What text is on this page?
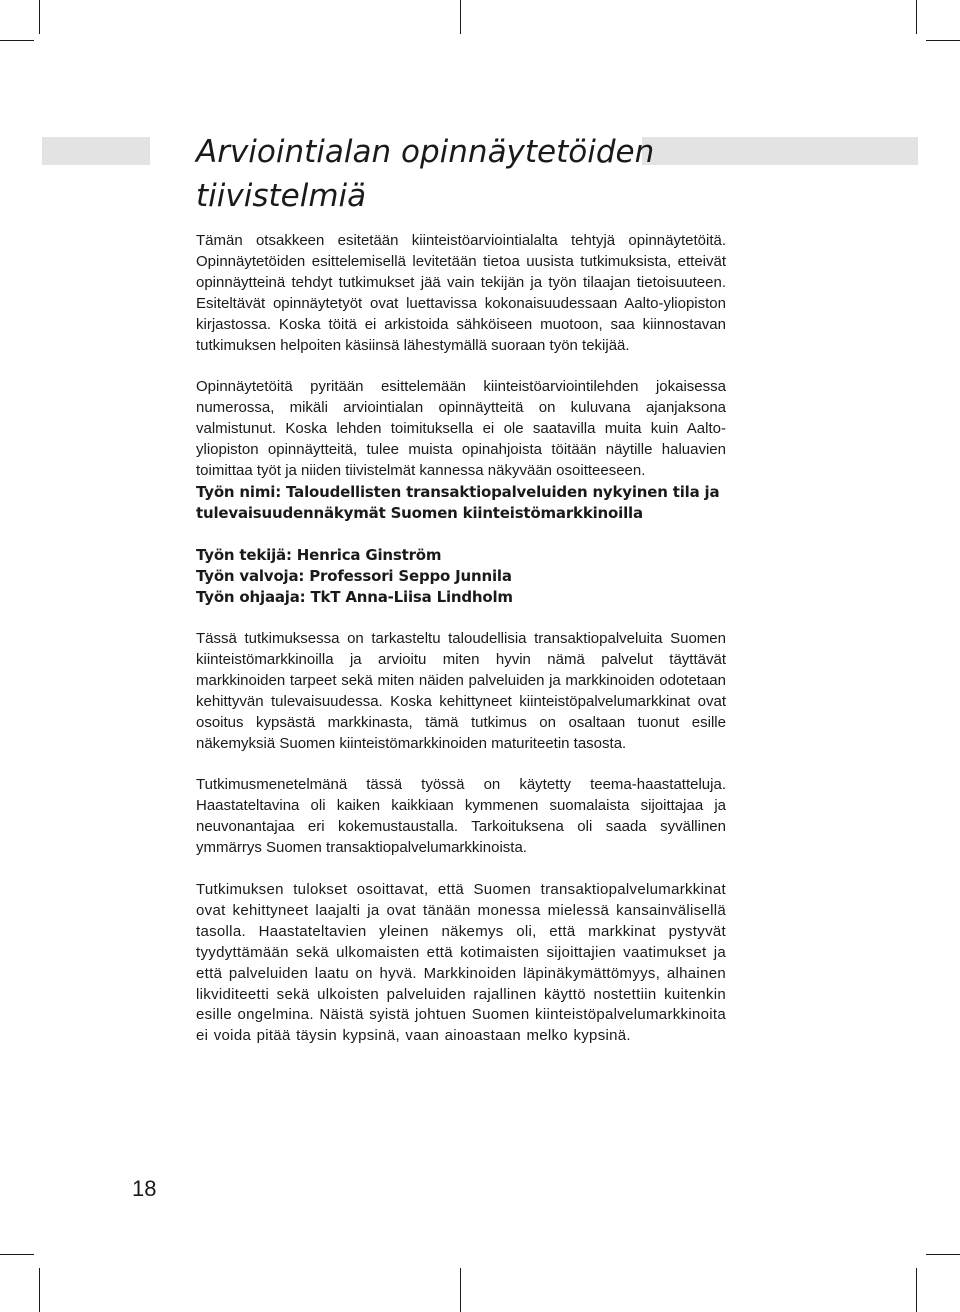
Arviointialan opinnäytetöiden
tiivistelmiä

Tämän otsakkeen esitetään kiinteistöarviointialalta tehtyjä opinnäytetöitä. Opinnäytetöiden esittelemisellä levitetään tietoa uusista tutkimuksista, etteivät opinnäytteinä tehdyt tutkimukset jää vain tekijän ja työn tilaajan tietoisuuteen. Esiteltävät opinnäytetyöt ovat luettavissa kokonaisuudessaan Aalto-yliopiston kirjastossa. Koska töitä ei arkistoida sähköiseen muotoon, saa kiinnostavan tutkimuksen helpoiten käsiinsä lähestymällä suoraan työn tekijää.

Opinnäytetöitä pyritään esittelemään kiinteistöarviointilehden jokaisessa numerossa, mikäli arviointialan opinnäytteitä on kuluvana ajanjaksona valmistunut. Koska lehden toimituksella ei ole saatavilla muita kuin Aalto-yliopiston opinnäytteitä, tulee muista opinahjoista töitään näytille haluavien toimittaa työt ja niiden tiivistelmät kannessa näkyvään osoitteeseen.

Työn nimi: Taloudellisten transaktiopalveluiden nykyinen tila ja tulevaisuudennäkymät Suomen kiinteistömarkkinoilla

Työn tekijä: Henrica Ginström

Työn valvoja: Professori Seppo Junnila

Työn ohjaaja: TkT Anna-Liisa Lindholm

Tässä tutkimuksessa on tarkasteltu taloudellisia transaktiopalveluita Suomen kiinteistömarkkinoilla ja arvioitu miten hyvin nämä palvelut täyttävät markkinoiden tarpeet sekä miten näiden palveluiden ja markkinoiden odotetaan kehittyvän tulevaisuudessa. Koska kehittyneet kiinteistöpalvelumarkkinat ovat osoitus kypsästä markkinasta, tämä tutkimus on osaltaan tuonut esille näkemyksiä Suomen kiinteistömarkkinoiden maturiteetin tasosta.

Tutkimusmenetelmänä tässä työssä on käytetty teema-haastatteluja. Haastateltavina oli kaiken kaikkiaan kymmenen suomalaista sijoittajaa ja neuvonantajaa eri kokemustaustalla. Tarkoituksena oli saada syvällinen ymmärrys Suomen transaktiopalvelumarkkinoista.

Tutkimuksen tulokset osoittavat, että Suomen transaktiopalvelumarkkinat ovat kehittyneet laajalti ja ovat tänään monessa mielessä kansainvälisellä tasolla. Haastateltavien yleinen näkemys oli, että markkinat pystyvät tyydyttämään sekä ulkomaisten että kotimaisten sijoittajien vaatimukset ja että palveluiden laatu on hyvä. Markkinoiden läpinäkymättömyys, alhainen likviditeetti sekä ulkoisten palveluiden rajallinen käyttö nostettiin kuitenkin esille ongelmina. Näistä syistä johtuen Suomen kiinteistöpalvelumarkkinoita ei voida pitää täysin kypsinä, vaan ainoastaan melko kypsinä.

18
